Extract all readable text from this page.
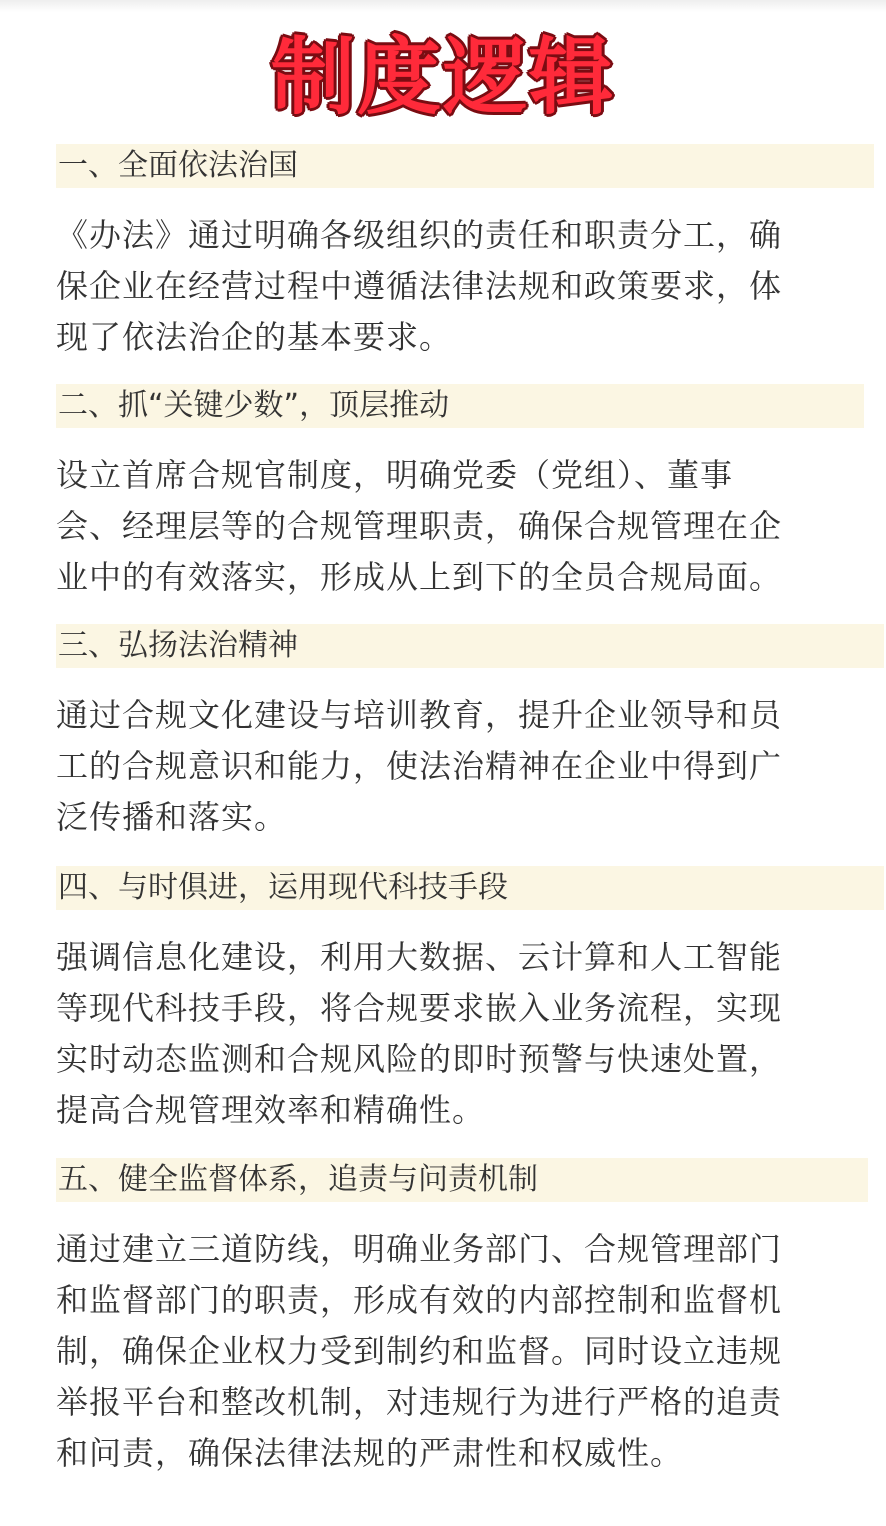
制度逻辑
一、全面依法治国
《办法》通过明确各级组织的责任和职责分工，确
保企业在经营过程中遵循法律法规和政策要求，体
现了依法治企的基本要求。
二、抓“关键少数”，顶层推动
设立首席合规官制度，明确党委（党组）、董事
会、经理层等的合规管理职责，确保合规管理在企
业中的有效落实，形成从上到下的全员合规局面。
三、弘扬法治精神
通过合规文化建设与培训教育，提升企业领导和员
工的合规意识和能力，使法治精神在企业中得到广
泛传播和落实。
四、与时俱进，运用现代科技手段
强调信息化建设，利用大数据、云计算和人工智能
等现代科技手段，将合规要求嵌入业务流程，实现
实时动态监测和合规风险的即时预警与快速处置，
提高合规管理效率和精确性。
五、健全监督体系，追责与问责机制
通过建立三道防线，明确业务部门、合规管理部门
和监督部门的职责，形成有效的内部控制和监督机
制，确保企业权力受到制约和监督。同时设立违规
举报平台和整改机制，对违规行为进行严格的追责
和问责，确保法律法规的严肃性和权威性。
